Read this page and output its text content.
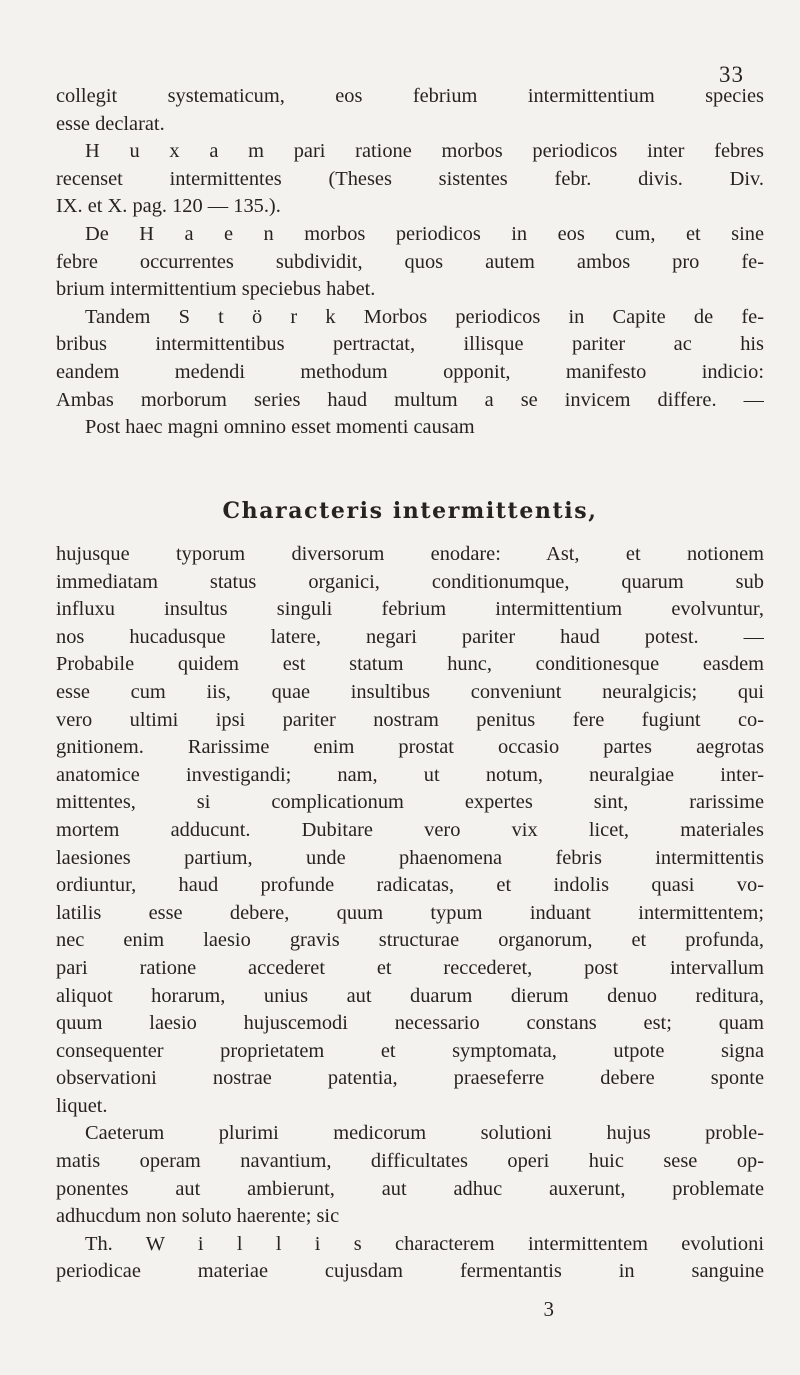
33
collegit systematicum, eos febrium intermittentium species
esse declarat.
H u x a m pari ratione morbos periodicos inter febres
recenset intermittentes (Theses sistentes febr. divis. Div.
IX. et X. pag. 120 — 135.).
De H a e n morbos periodicos in eos cum, et sine
febre occurrentes subdividit, quos autem ambos pro fe-
brium intermittentium speciebus habet.
Tandem S t ö r k Morbos periodicos in Capite de fe-
bribus intermittentibus pertractat, illisque pariter ac his
eandem medendi methodum opponit, manifesto indicio:
Ambas morborum series haud multum a se invicem differe. —
Post haec magni omnino esset momenti causam
Characteris intermittentis,
hujusque typorum diversorum enodare: Ast, et notionem
immediatam status organici, conditionumque, quarum sub
influxu insultus singuli febrium intermittentium evolvuntur,
nos hucadusque latere, negari pariter haud potest. —
Probabile quidem est statum hunc, conditionesque easdem
esse cum iis, quae insultibus conveniunt neuralgicis; qui
vero ultimi ipsi pariter nostram penitus fere fugiunt co-
gnitionem. Rarissime enim prostat occasio partes aegrotas
anatomice investigandi; nam, ut notum, neuralgiae inter-
mittentes, si complicationum expertes sint, rarissime
mortem adducunt. Dubitare vero vix licet, materiales
laesiones partium, unde phaenomena febris intermittentis
ordiuntur, haud profunde radicatas, et indolis quasi vo-
latilis esse debere, quum typum induant intermittentem;
nec enim laesio gravis structurae organorum, et profunda,
pari ratione accederet et reccederet, post intervallum
aliquot horarum, unius aut duarum dierum denuo reditura,
quum laesio hujuscemodi necessario constans est; quam
consequenter proprietatem et symptomata, utpote signa
observationi nostrae patentia, praeseferre debere sponte
liquet.
Caeterum plurimi medicorum solutioni hujus proble-
matis operam navantium, difficultates operi huic sese op-
ponentes aut ambierunt, aut adhuc auxerunt, problemate
adhucdum non soluto haerente; sic
Th. W i l l i s characterem intermittentem evolutioni
periodicae materiae cujusdam fermentantis in sanguine
3
